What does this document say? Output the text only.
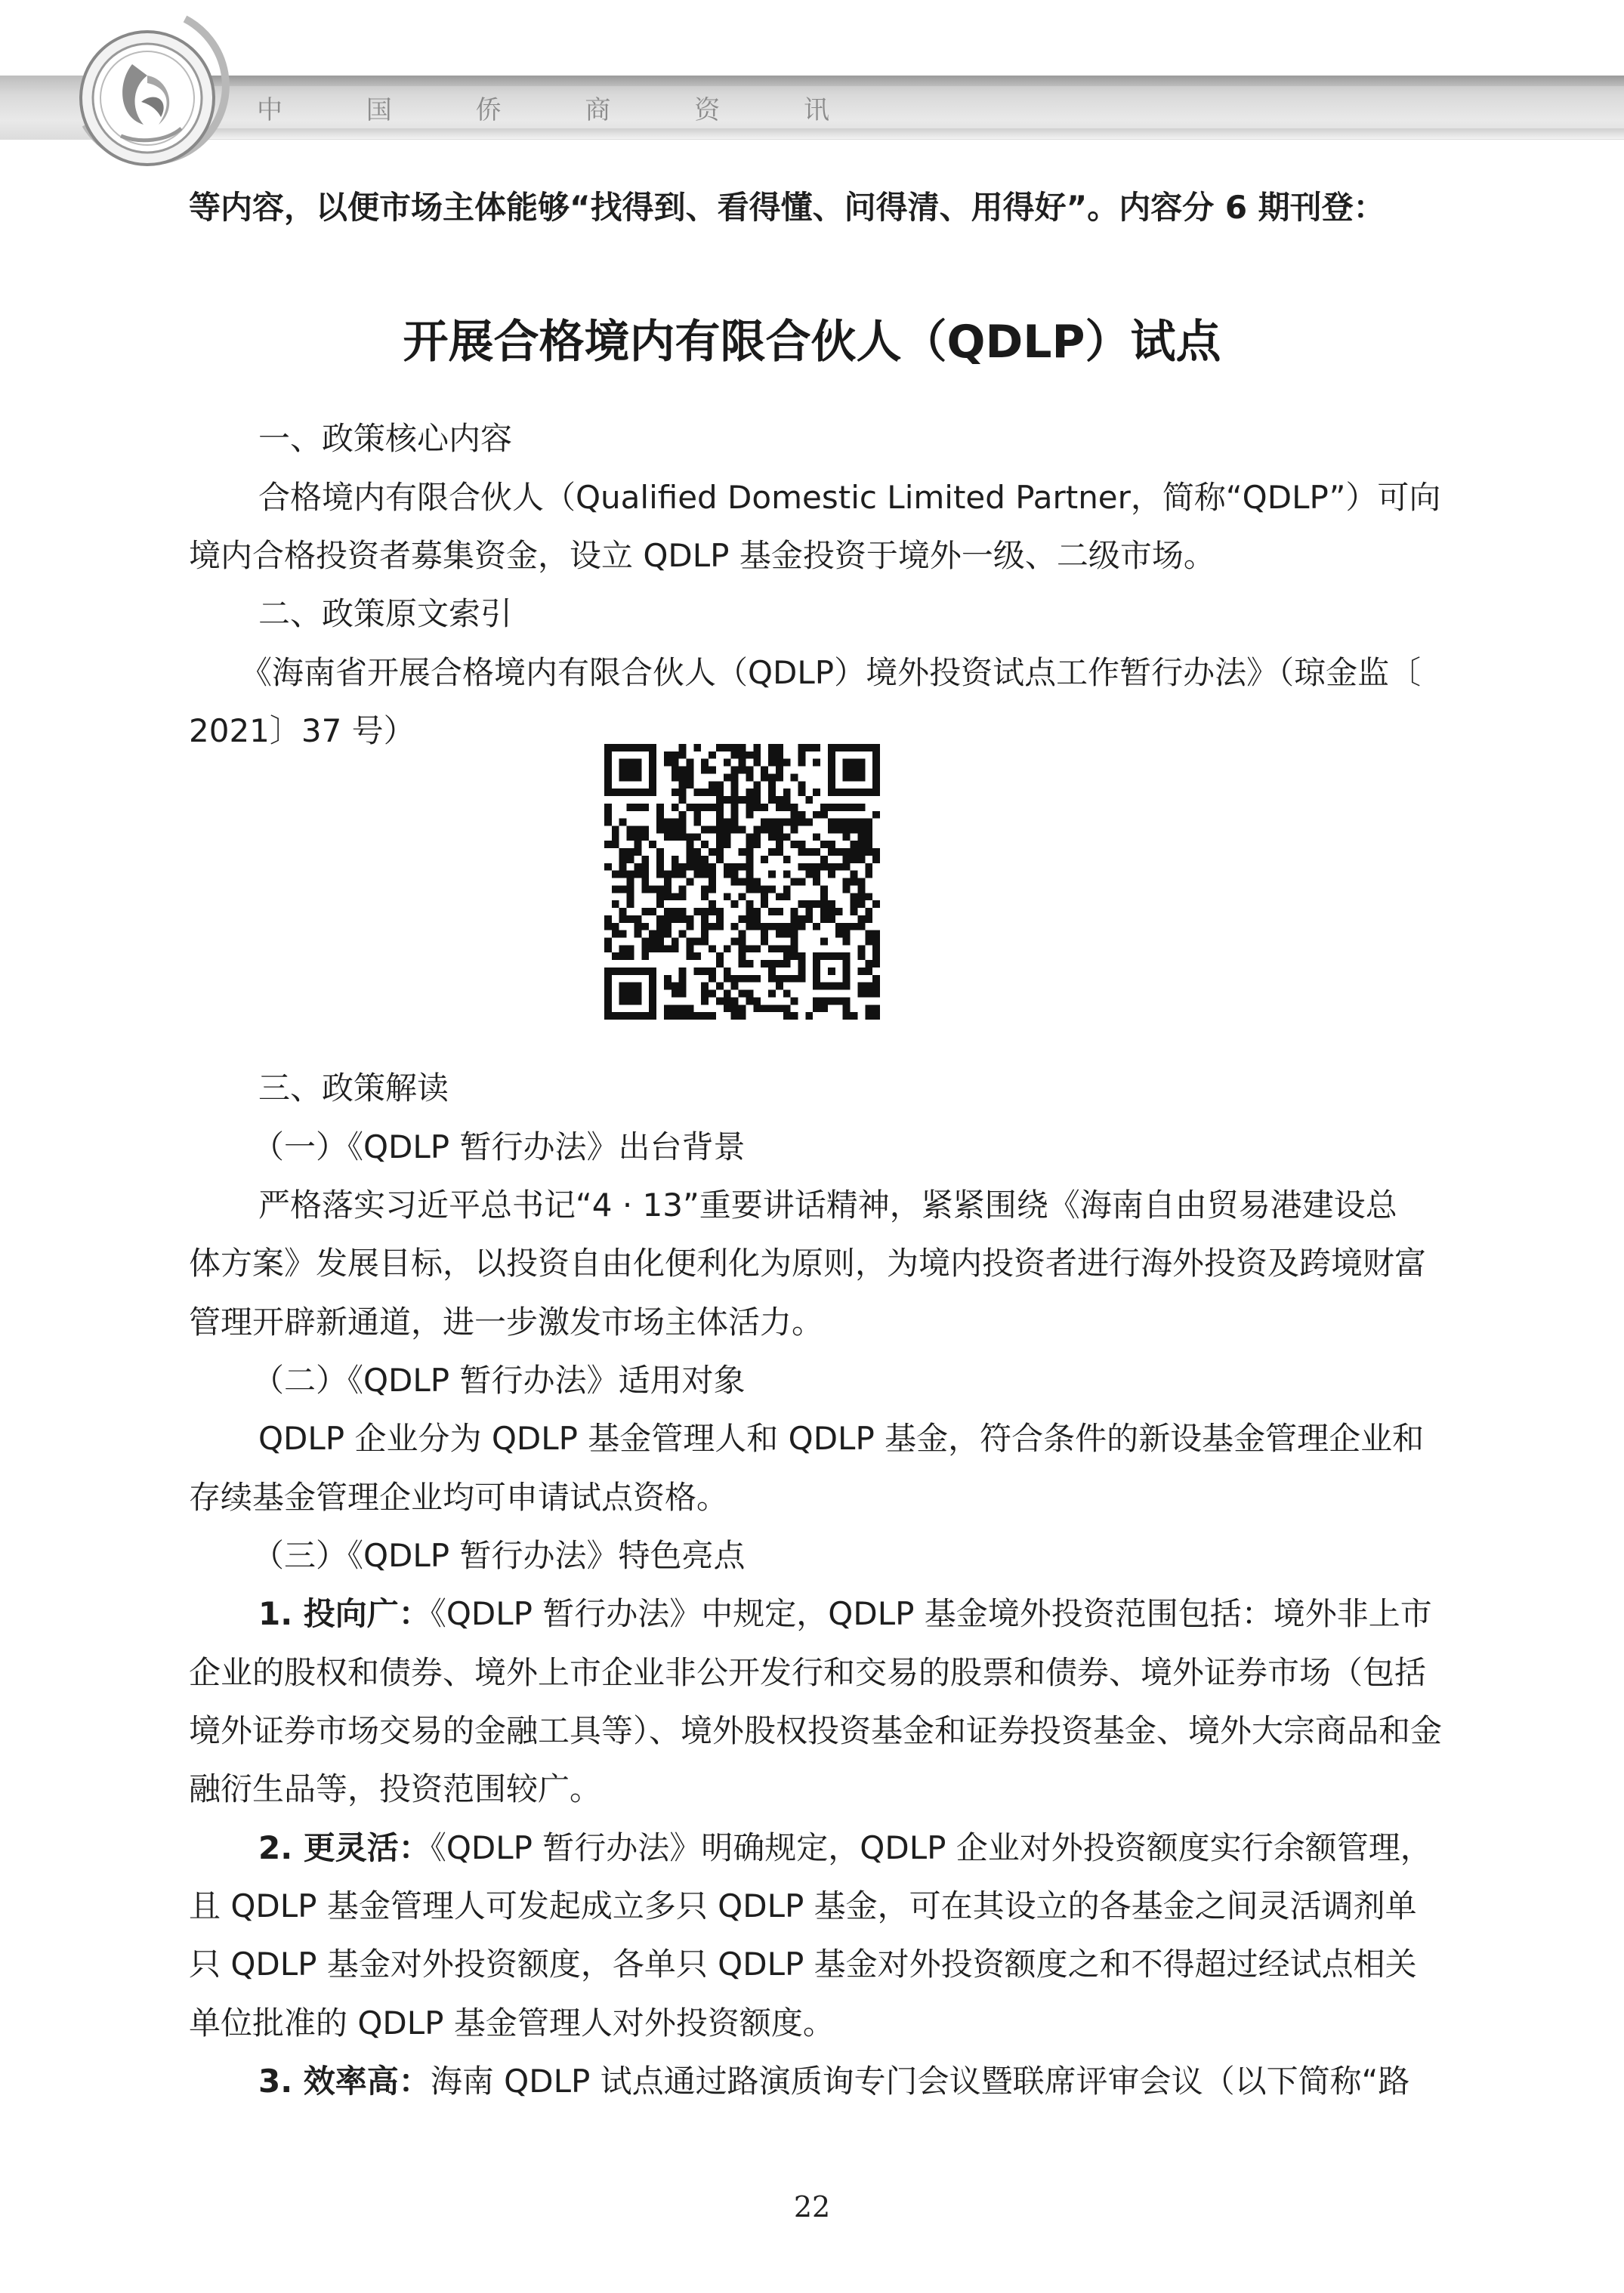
中 国 侨 商 资 讯
等内容，以便市场主体能够“找得到、看得懂、问得清、用得好”。内容分 6 期刊登：
开展合格境内有限合伙人（QDLP）试点
一、政策核心内容
合格境内有限合伙人（Qualified Domestic Limited Partner，简称“QDLP”）可向
境内合格投资者募集资金，设立 QDLP 基金投资于境外一级、二级市场。
二、政策原文索引
《海南省开展合格境内有限合伙人（QDLP）境外投资试点工作暂行办法》（琼金监〔
2021〕37 号）
三、政策解读
（一）《QDLP 暂行办法》出台背景
严格落实习近平总书记“4 · 13”重要讲话精神，紧紧围绕《海南自由贸易港建设总
体方案》发展目标，以投资自由化便利化为原则，为境内投资者进行海外投资及跨境财富
管理开辟新通道，进一步激发市场主体活力。
（二）《QDLP 暂行办法》适用对象
QDLP 企业分为 QDLP 基金管理人和 QDLP 基金，符合条件的新设基金管理企业和
存续基金管理企业均可申请试点资格。
（三）《QDLP 暂行办法》特色亮点
1. 投向广：《QDLP 暂行办法》中规定，QDLP 基金境外投资范围包括：境外非上市
企业的股权和债券、境外上市企业非公开发行和交易的股票和债券、境外证券市场（包括
境外证券市场交易的金融工具等）、境外股权投资基金和证券投资基金、境外大宗商品和金
融衍生品等，投资范围较广。
2. 更灵活：《QDLP 暂行办法》明确规定，QDLP 企业对外投资额度实行余额管理，
且 QDLP 基金管理人可发起成立多只 QDLP 基金，可在其设立的各基金之间灵活调剂单
只 QDLP 基金对外投资额度，各单只 QDLP 基金对外投资额度之和不得超过经试点相关
单位批准的 QDLP 基金管理人对外投资额度。
3. 效率高：海南 QDLP 试点通过路演质询专门会议暨联席评审会议（以下简称“路
22
